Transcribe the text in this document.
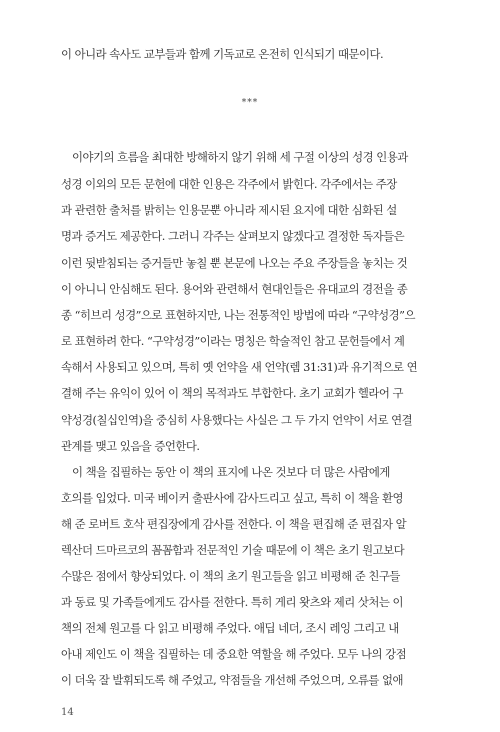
이 아니라 속사도 교부들과 함께 기독교로 온전히 인식되기 때문이다.
***
이야기의 흐름을 최대한 방해하지 않기 위해 세 구절 이상의 성경 인용과
성경 이외의 모든 문헌에 대한 인용은 각주에서 밝힌다. 각주에서는 주장
과 관련한 출처를 밝히는 인용문뿐 아니라 제시된 요지에 대한 심화된 설
명과 증거도 제공한다. 그러니 각주는 살펴보지 않겠다고 결정한 독자들은
이런 뒷받침되는 증거들만 놓칠 뿐 본문에 나오는 주요 주장들을 놓치는 것
이 아니니 안심해도 된다. 용어와 관련해서 현대인들은 유대교의 경전을 종
종 “히브리 성경”으로 표현하지만, 나는 전통적인 방법에 따라 “구약성경”으
로 표현하려 한다. “구약성경”이라는 명칭은 학술적인 참고 문헌들에서 계
속해서 사용되고 있으며, 특히 옛 언약을 새 언약(렘 31:31)과 유기적으로 연
결해 주는 유익이 있어 이 책의 목적과도 부합한다. 초기 교회가 헬라어 구
약성경(칠십인역)을 중심히 사용했다는 사실은 그 두 가지 언약이 서로 연결
관계를 맺고 있음을 증언한다.
이 책을 집필하는 동안 이 책의 표지에 나온 것보다 더 많은 사람에게
호의를 입었다. 미국 베이커 출판사에 감사드리고 싶고, 특히 이 책을 환영
해 준 로버트 호삭 편집장에게 감사를 전한다. 이 책을 편집해 준 편집자 알
렉산더 드마르코의 꼼꼼함과 전문적인 기술 때문에 이 책은 초기 원고보다
수많은 점에서 향상되었다. 이 책의 초기 원고들을 읽고 비평해 준 친구들
과 동료 및 가족들에게도 감사를 전한다. 특히 게리 왓츠와 제리 삿처는 이
책의 전체 원고를 다 읽고 비평해 주었다. 애딥 네더, 조시 레잉 그리고 내
아내 제인도 이 책을 집필하는 데 중요한 역할을 해 주었다. 모두 나의 강점
이 더욱 잘 발휘되도록 해 주었고, 약점들을 개선해 주었으며, 오류를 없애
14
